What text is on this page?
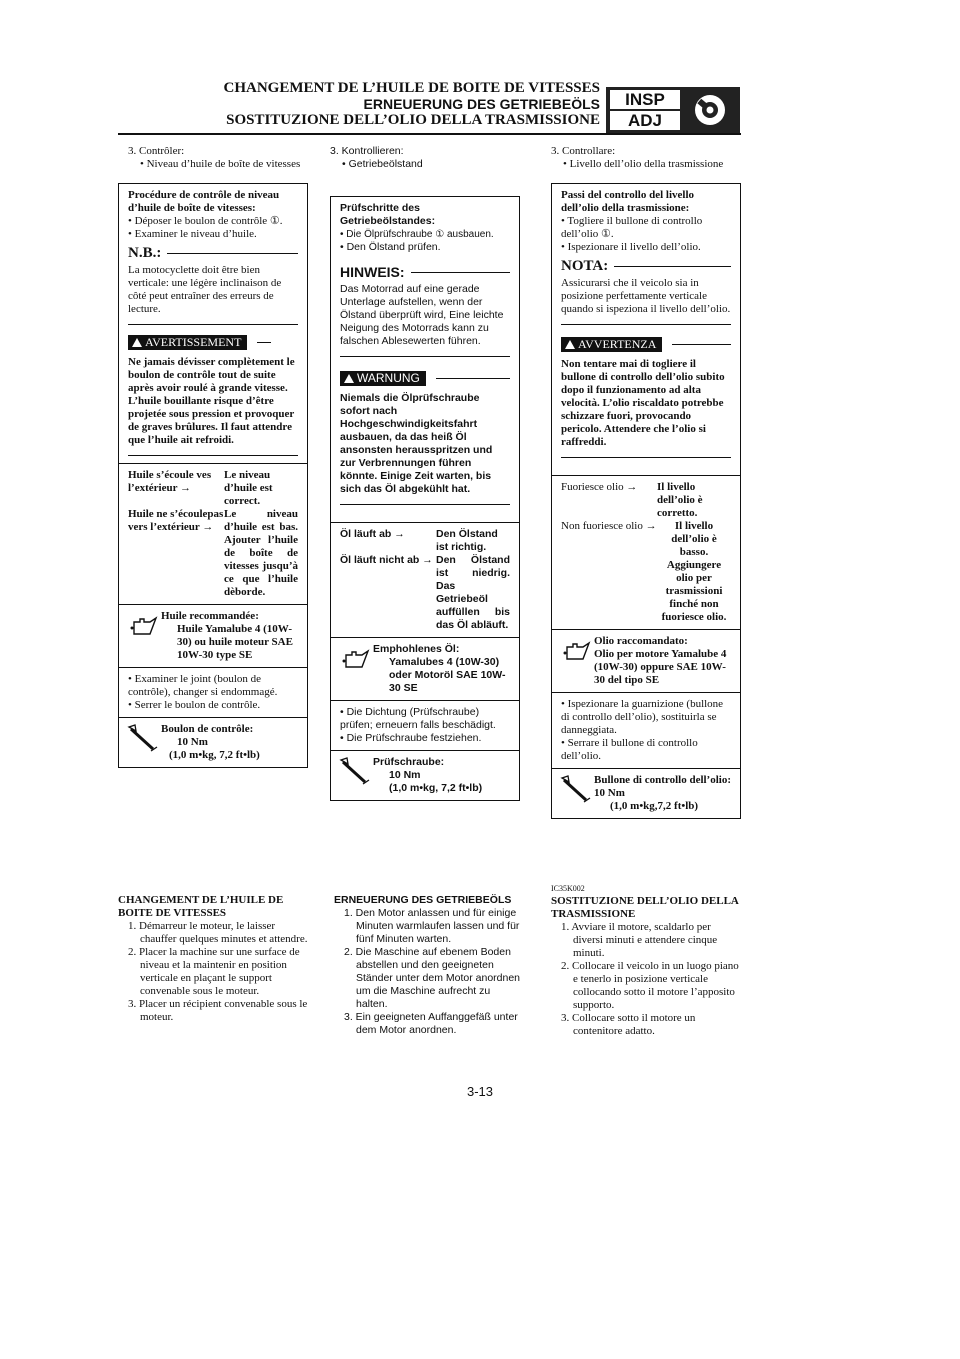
CHANGEMENT DE L’HUILE DE BOITE DE VITESSES
ERNEUERUNG DES GETRIEBEÖLS
SOSTITUZIONE DELL’OLIO DELLA TRASMISSIONE
INSP
ADJ
3. Contrôler:
• Niveau d’huile de boîte de vitesses
Procédure de contrôle de niveau d’huile de boîte de vitesses:
• Déposer le boulon de contrôle ①.
• Examiner le niveau d’huile.
N.B.:
La motocyclette doit être bien verticale: une légère inclinaison de côté peut entraîner des erreurs de lecture.
AVERTISSEMENT
Ne jamais dévisser complètement le boulon de contrôle tout de suite après avoir roulé à grande vitesse. L’huile bouillante risque d’être projetée sous pression et provoquer de graves brûlures. Il faut attendre que l’huile ait refroidi.
Huile s’écoule ves l’extérieur →
Le niveau d’huile est correct.
Huile ne s’écoulepas vers l’extérieur →
Le niveau d’huile est bas. Ajouter l’huile de boîte de vitesses jusqu’à ce que l’huile dèborde.
Huile recommandée:
Huile Yamalube 4 (10W-30) ou huile moteur SAE 10W-30 type SE
• Examiner le joint (boulon de contrôle), changer si endommagé.
• Serrer le boulon de contrôle.
Boulon de contrôle:
10 Nm
(1,0 m•kg, 7,2 ft•lb)
3. Kontrollieren:
• Getriebeölstand
Prüfschritte des Getriebeölstandes:
• Die Ölprüfschraube ① ausbauen.
• Den Ölstand prüfen.
HINWEIS:
Das Motorrad auf eine gerade Unterlage aufstellen, wenn der Ölstand überprüft wird, Eine leichte Neigung des Motorrads kann zu falschen Ablesewerten führen.
WARNUNG
Niemals die Ölprüfschraube sofort nach Hochgeschwindigkeitsfahrt ausbauen, da das heiß Öl ansonsten herausspritzen und zur Verbrennungen führen könnte. Einige Zeit warten, bis sich das Öl abgekühlt hat.
Öl läuft ab →	Den Ölstand ist richtig.
Öl läuft nicht ab → Den Ölstand ist niedrig. Das Getriebeöl auffüllen bis das Öl abläuft.
Emphohlenes Öl:
Yamalubes 4 (10W-30) oder Motoröl SAE 10W-30 SE
• Die Dichtung (Prüfschraube) prüfen; erneuern falls beschädigt.
• Die Prüfschraube festziehen.
Prüfschraube:
10 Nm
(1,0 m•kg, 7,2 ft•lb)
3. Controllare:
• Livello dell’olio della trasmissione
Passi del controllo del livello dell’olio della trasmissione:
• Togliere il bullone di controllo dell’olio ①.
• Ispezionare il livello dell’olio.
NOTA:
Assicurarsi che il veicolo sia in posizione perfettamente verticale quando si ispeziona il livello dell’olio.
AVVERTENZA
Non tentare mai di togliere il bullone di controllo dell’olio subito dopo il funzionamento ad alta velocità. L’olio riscaldato potrebbe schizzare fuori, provocando pericolo. Attendere che l’olio si raffreddi.
Fuoriesce olio →	Il livello dell’olio è corretto.
Non fuoriesce olio →	Il livello dell’olio è basso. Aggiungere olio per trasmissioni finché non fuoriesce olio.
Olio raccomandato:
Olio per motore Yamalube 4 (10W-30) oppure SAE 10W-30 del tipo SE
• Ispezionare la guarnizione (bullone di controllo dell’olio), sostituirla se danneggiata.
• Serrare il bullone di controllo dell’olio.
Bullone di controllo dell’olio: 10 Nm
(1,0 m•kg,7,2 ft•lb)
CHANGEMENT DE L’HUILE DE BOITE DE VITESSES

1. Démarreur le moteur, le laisser chauffer quelques minutes et attendre.

2. Placer la machine sur une surface de niveau et la maintenir en position verticale en plaçant le support convenable sous le moteur.

3. Placer un récipient convenable sous le moteur.

ERNEUERUNG DES GETRIEBEÖLS

1. Den Motor anlassen und für einige Minuten warmlaufen lassen und für fünf Minuten warten.

2. Die Maschine auf ebenem Boden abstellen und den geeigneten Ständer unter dem Motor anordnen um die Maschine aufrecht zu halten.

3. Ein geeigneten Auffanggefäß unter dem Motor anordnen.

IC35K002
SOSTITUZIONE DELL’OLIO DELLA TRASMISSIONE

1. Avviare il motore, scaldarlo per diversi minuti e attendere cinque minuti.

2. Collocare il veicolo in un luogo piano e tenerlo in posizione verticale collocando sotto il motore l’apposito supporto.

3. Collocare sotto il motore un contenitore adatto.

3-13
